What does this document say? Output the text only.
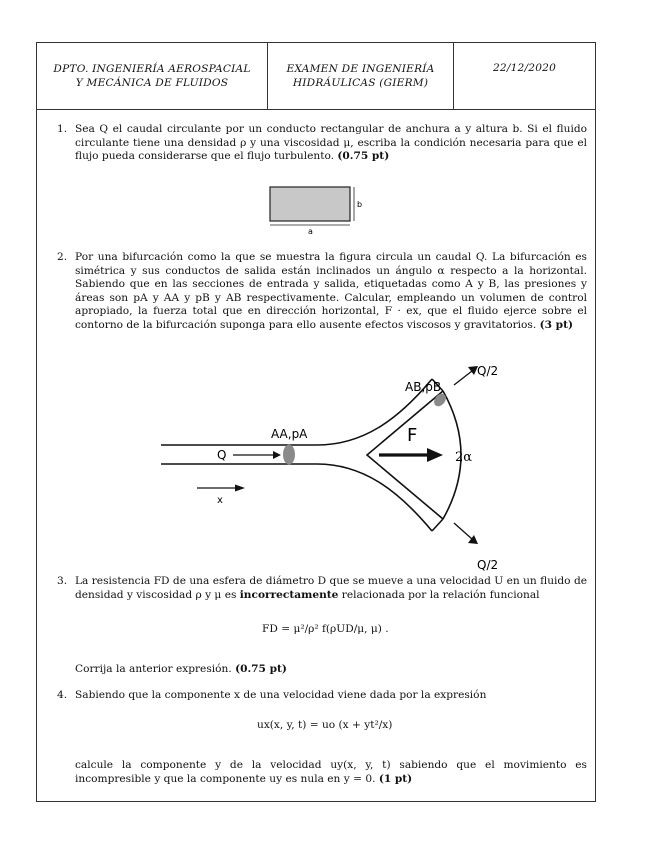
DPTO. INGENIERÍA AEROSPACIAL
Y MECÁNICA DE FLUIDOS
EXAMEN DE INGENIERÍA
HIDRÁULICAS (GIERM)
22/12/2020
1. Sea Q el caudal circulante por un conducto rectangular de anchura a y altura b. Si el fluido circulante tiene una densidad ρ y una viscosidad μ, escriba la condición necesaria para que el flujo pueda considerarse que el flujo turbulento. (0.75 pt)
b
a
2. Por una bifurcación como la que se muestra la figura circula un caudal Q. La bifurcación es simétrica y sus conductos de salida están inclinados un ángulo α respecto a la horizontal. Sabiendo que en las secciones de entrada y salida, etiquetadas como A y B, las presiones y áreas son pA y AA y pB y AB respectivamente. Calcular, empleando un volumen de control apropiado, la fuerza total que en dirección horizontal, F · ex, que el fluido ejerce sobre el contorno de la bifurcación suponga para ello ausente efectos viscosos y gravitatorios. (3 pt)
Q
x
AA,pA
AB,pB
Q/2
Q/2
F
2α
3. La resistencia FD de una esfera de diámetro D que se mueve a una velocidad U en un fluido de densidad y viscosidad ρ y μ es incorrectamente relacionada por la relación funcional
FD = μ²/ρ² f(ρUD/μ, μ) .
Corrija la anterior expresión. (0.75 pt)
4. Sabiendo que la componente x de una velocidad viene dada por la expresión
ux(x, y, t) = uo (x + yt²/x)
calcule la componente y de la velocidad uy(x, y, t) sabiendo que el movimiento es incompresible y que la componente uy es nula en y = 0. (1 pt)
